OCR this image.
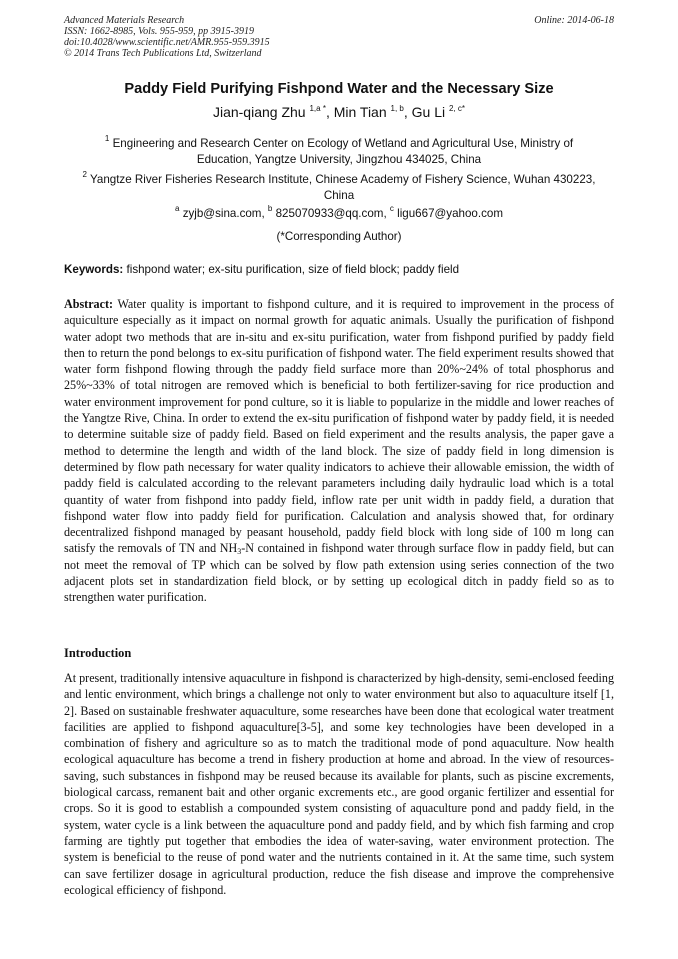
Advanced Materials Research
ISSN: 1662-8985, Vols. 955-959, pp 3915-3919
doi:10.4028/www.scientific.net/AMR.955-959.3915
© 2014 Trans Tech Publications Ltd, Switzerland
Online: 2014-06-18
Paddy Field Purifying Fishpond Water and the Necessary Size
Jian-qiang Zhu $^{1,a *}$, Min Tian $^{1, b}$, Gu Li $^{2, c*}$
$^1$ Engineering and Research Center on Ecology of Wetland and Agricultural Use, Ministry of Education, Yangtze University, Jingzhou 434025, China
$^2$ Yangtze River Fisheries Research Institute, Chinese Academy of Fishery Science, Wuhan 430223, China
$^a$ zyjb@sina.com, $^b$ 825070933@qq.com, $^c$ ligu667@yahoo.com
(*Corresponding Author)
Keywords: fishpond water; ex-situ purification, size of field block; paddy field
Abstract: Water quality is important to fishpond culture, and it is required to improvement in the process of aquiculture especially as it impact on normal growth for aquatic animals. Usually the purification of fishpond water adopt two methods that are in-situ and ex-situ purification, water from fishpond purified by paddy field then to return the pond belongs to ex-situ purification of fishpond water. The field experiment results showed that water form fishpond flowing through the paddy field surface more than 20%~24% of total phosphorus and 25%~33% of total nitrogen are removed which is beneficial to both fertilizer-saving for rice production and water environment improvement for pond culture, so it is liable to popularize in the middle and lower reaches of the Yangtze Rive, China. In order to extend the ex-situ purification of fishpond water by paddy field, it is needed to determine suitable size of paddy field. Based on field experiment and the results analysis, the paper gave a method to determine the length and width of the land block. The size of paddy field in long dimension is determined by flow path necessary for water quality indicators to achieve their allowable emission, the width of paddy field is calculated according to the relevant parameters including daily hydraulic load which is a total quantity of water from fishpond into paddy field, inflow rate per unit width in paddy field, a duration that fishpond water flow into paddy field for purification. Calculation and analysis showed that, for ordinary decentralized fishpond managed by peasant household, paddy field block with long side of 100 m long can satisfy the removals of TN and $NH_3-N$ contained in fishpond water through surface flow in paddy field, but can not meet the removal of TP which can be solved by flow path extension using series connection of the two adjacent plots set in standardization field block, or by setting up ecological ditch in paddy field so as to strengthen water purification.
Introduction
At present, traditionally intensive aquaculture in fishpond is characterized by high-density, semi-enclosed feeding and lentic environment, which brings a challenge not only to water environment but also to aquaculture itself [1, 2]. Based on sustainable freshwater aquaculture, some researches have been done that ecological water treatment facilities are applied to fishpond aquaculture[3-5], and some key technologies have been developed in a combination of fishery and agriculture so as to match the traditional mode of pond aquaculture. Now health ecological aquaculture has become a trend in fishery production at home and abroad. In the view of resources-saving, such substances in fishpond may be reused because its available for plants, such as piscine excrements, biological carcass, remanent bait and other organic excrements etc., are good organic fertilizer and essential for crops. So it is good to establish a compounded system consisting of aquaculture pond and paddy field, in the system, water cycle is a link between the aquaculture pond and paddy field, and by which fish farming and crop farming are tightly put together that embodies the idea of water-saving, water environment protection. The system is beneficial to the reuse of pond water and the nutrients contained in it. At the same time, such system can save fertilizer dosage in agricultural production, reduce the fish disease and improve the comprehensive ecological efficiency of fishpond.
